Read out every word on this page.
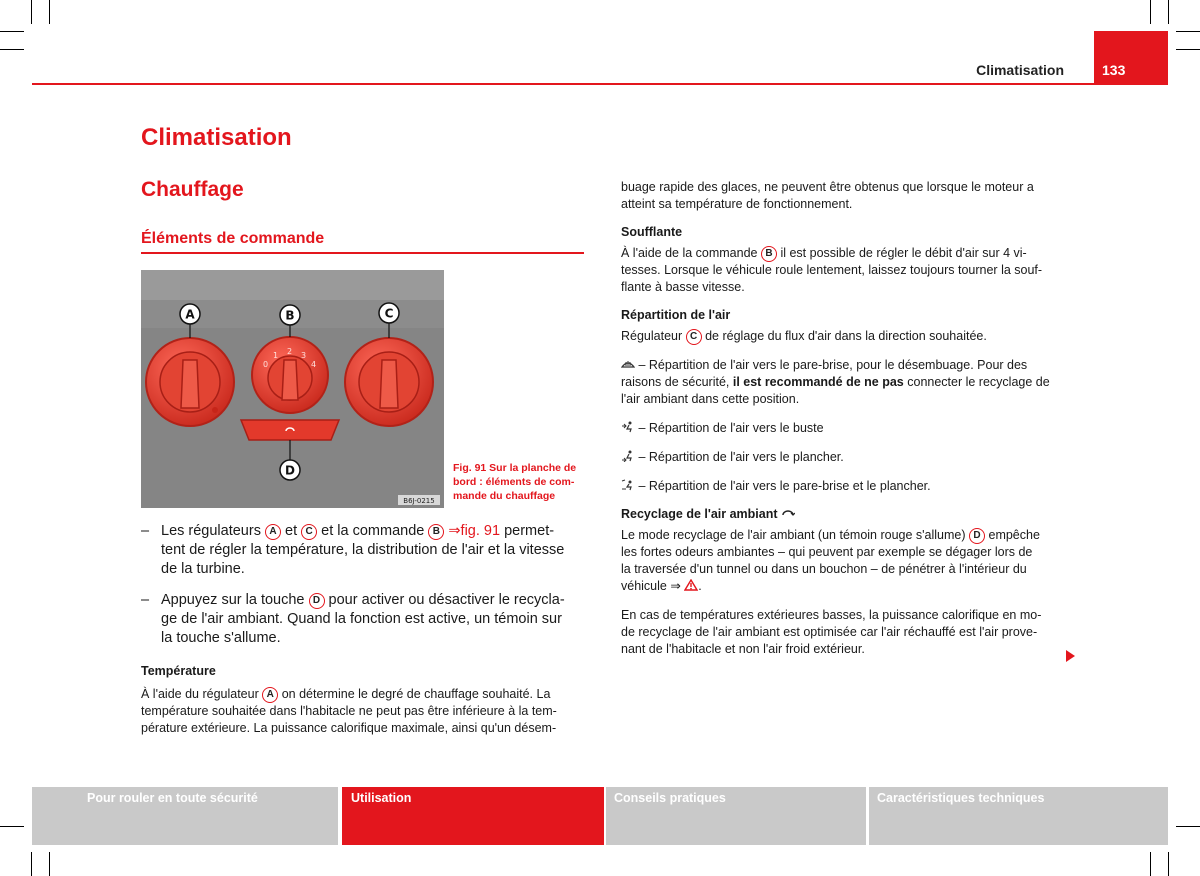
Climatisation	133
Climatisation
Chauffage
Éléments de commande
0
1 2 3
4
A	B	C
D
B6J-0215
Fig. 91 Sur la planche de
bord : éléments de com-
mande du chauffage
– Les régulateurs A et C et la commande B ⇒fig. 91 permet-
tent de régler la température, la distribution de l'air et la vitesse
de la turbine.
– Appuyez sur la touche D pour activer ou désactiver le recycla-
ge de l'air ambiant. Quand la fonction est active, un témoin sur
la touche s'allume.
Température

À l'aide du régulateur A on détermine le degré de chauffage souhaité. La
température souhaitée dans l'habitacle ne peut pas être inférieure à la tem-
pérature extérieure. La puissance calorifique maximale, ainsi qu'un désem-

buage rapide des glaces, ne peuvent être obtenus que lorsque le moteur a
atteint sa température de fonctionnement.

Soufflante

À l'aide de la commande B il est possible de régler le débit d'air sur 4 vi-
tesses. Lorsque le véhicule roule lentement, laissez toujours tourner la souf-
flante à basse vitesse.

Répartition de l'air

Régulateur C de réglage du flux d'air dans la direction souhaitée.

– Répartition de l'air vers le pare-brise, pour le désembuage. Pour des
raisons de sécurité, il est recommandé de ne pas connecter le recyclage de
l'air ambiant dans cette position.

– Répartition de l'air vers le buste

– Répartition de l'air vers le plancher.

– Répartition de l'air vers le pare-brise et le plancher.

Recyclage de l'air ambiant

Le mode recyclage de l'air ambiant (un témoin rouge s'allume) D empêche
les fortes odeurs ambiantes – qui peuvent par exemple se dégager lors de
la traversée d'un tunnel ou dans un bouchon – de pénétrer à l'intérieur du
véhicule ⇒ .

En cas de températures extérieures basses, la puissance calorifique en mo-
de recyclage de l'air ambiant est optimisée car l'air réchauffé est l'air prove-
nant de l'habitacle et non l'air froid extérieur.

Pour rouler en toute sécurité	Utilisation	Conseils pratiques	Caractéristiques techniques
